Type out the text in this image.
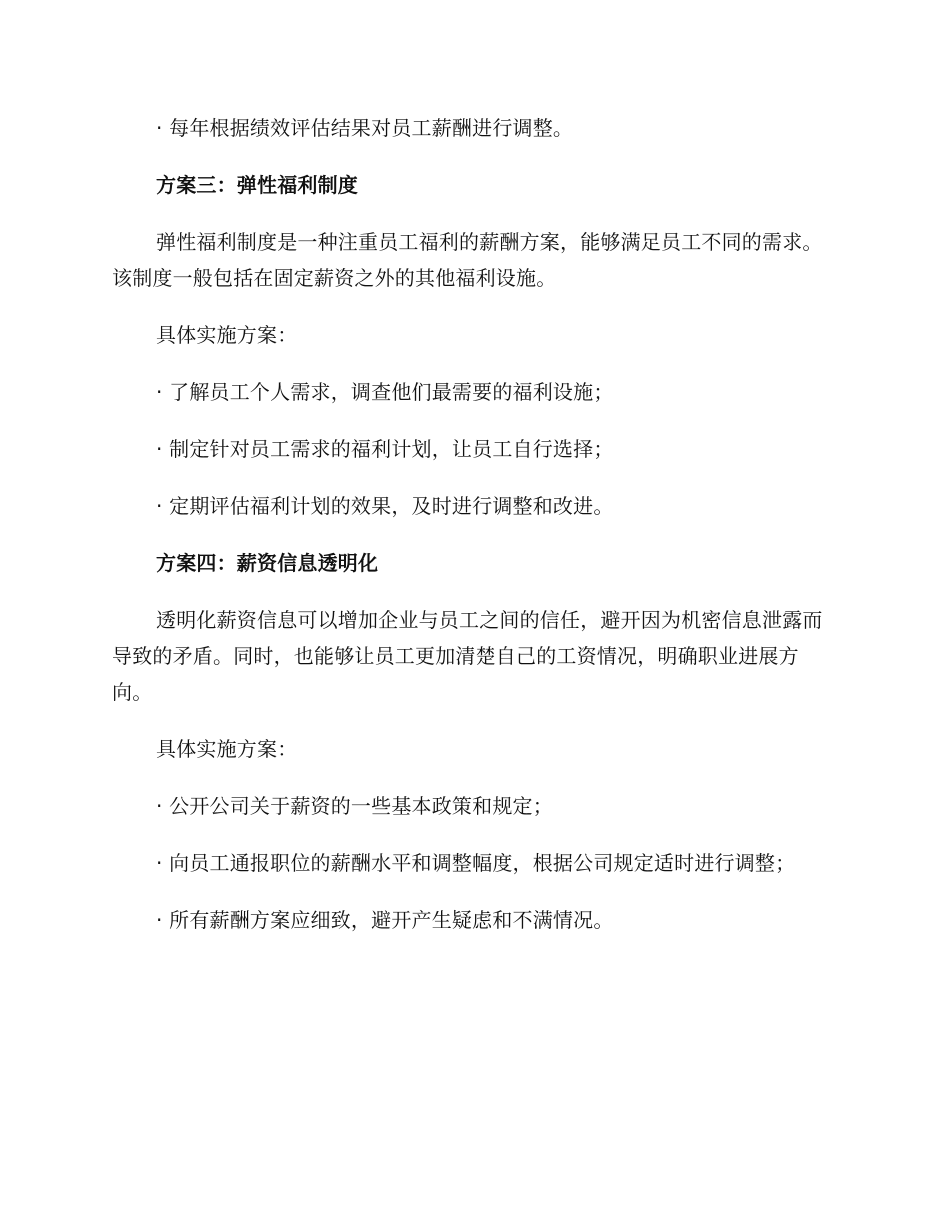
· 每年根据绩效评估结果对员工薪酬进行调整。

方案三：弹性福利制度

弹性福利制度是一种注重员工福利的薪酬方案，能够满足员工不同的需求。该制度一般包括在固定薪资之外的其他福利设施。

具体实施方案：

· 了解员工个人需求，调查他们最需要的福利设施；

· 制定针对员工需求的福利计划，让员工自行选择；

· 定期评估福利计划的效果，及时进行调整和改进。

方案四：薪资信息透明化

透明化薪资信息可以增加企业与员工之间的信任，避开因为机密信息泄露而导致的矛盾。同时，也能够让员工更加清楚自己的工资情况，明确职业进展方向。

具体实施方案：

· 公开公司关于薪资的一些基本政策和规定；

· 向员工通报职位的薪酬水平和调整幅度，根据公司规定适时进行调整；

· 所有薪酬方案应细致，避开产生疑虑和不满情况。
